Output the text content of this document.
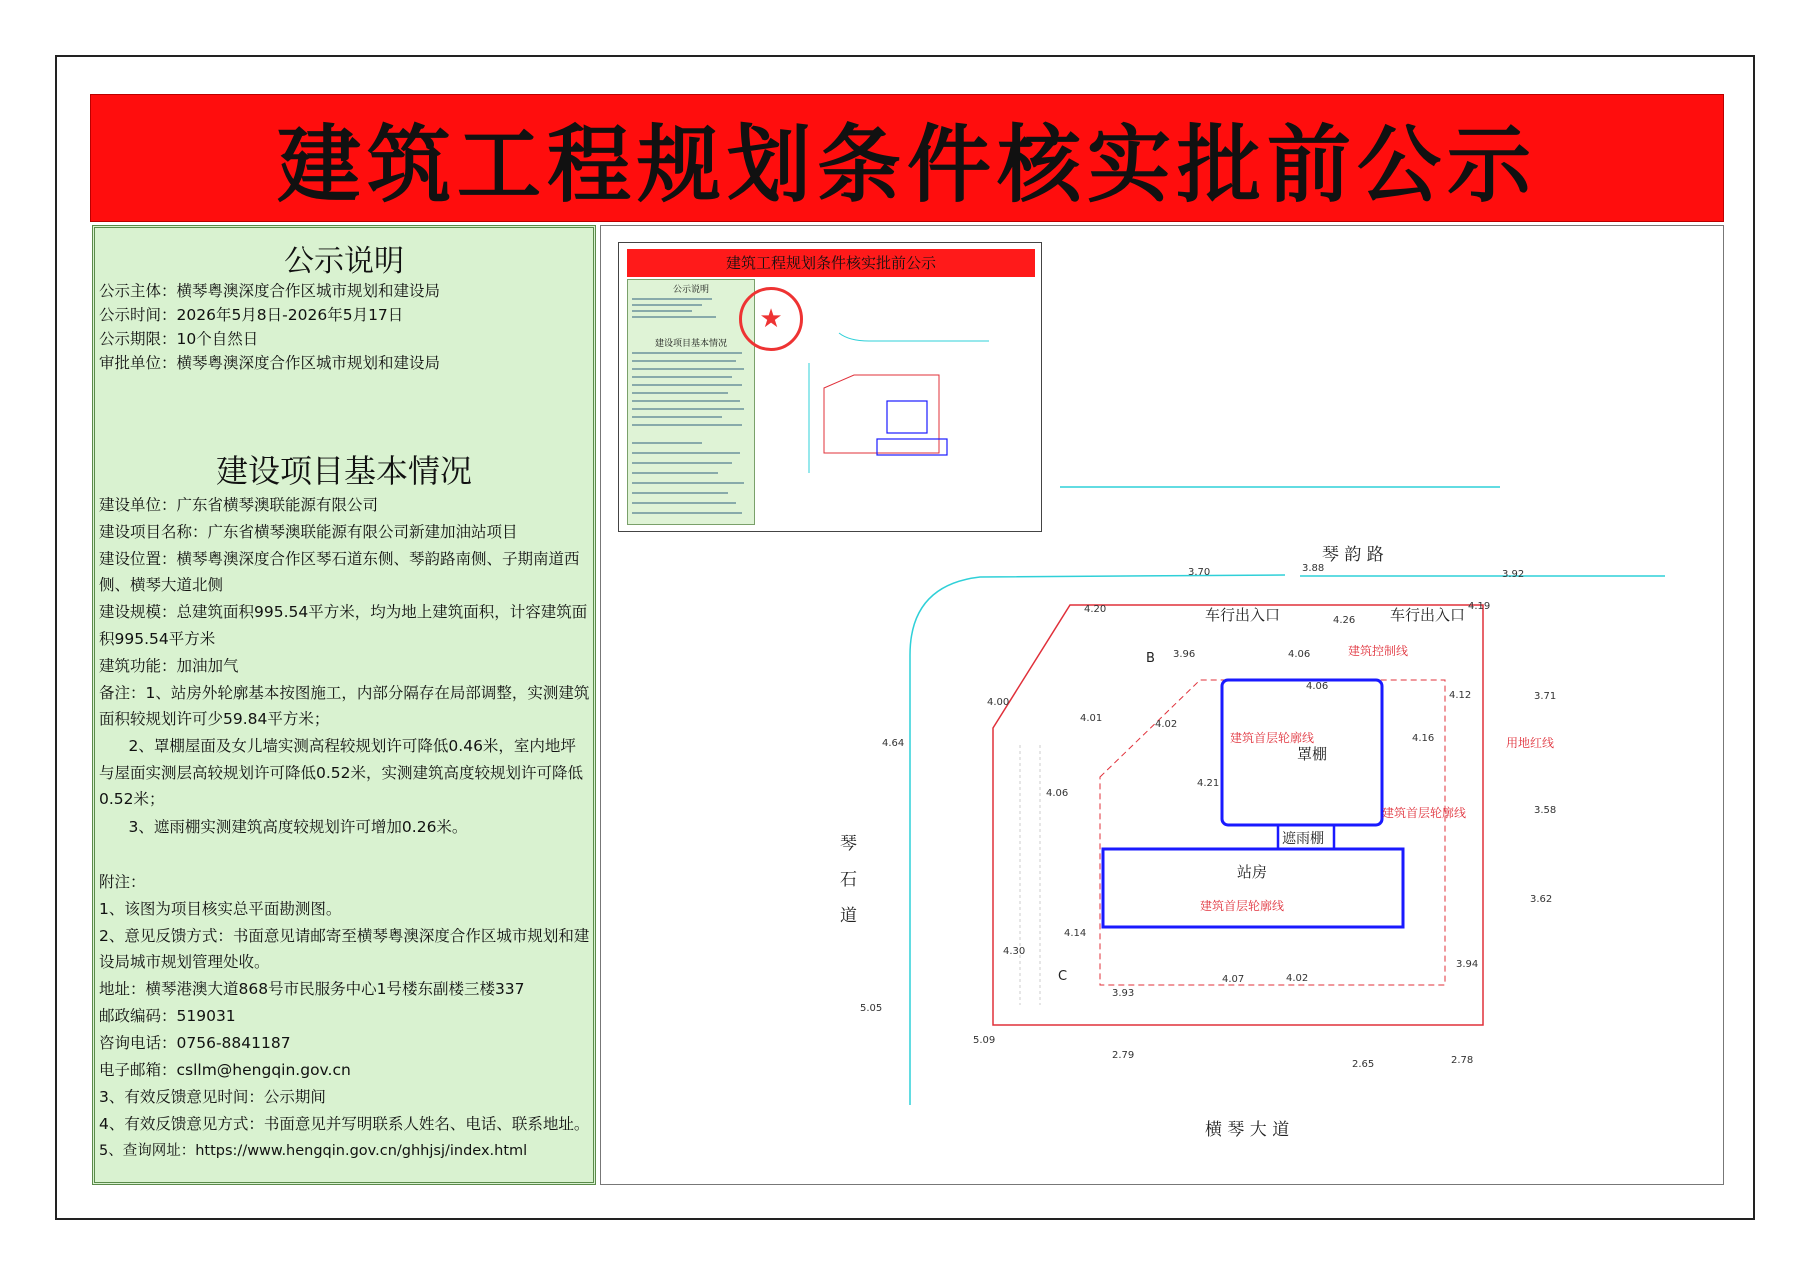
建筑工程规划条件核实批前公示
公示说明
公示主体：横琴粤澳深度合作区城市规划和建设局
公示时间：2026年5月8日-2026年5月17日
公示期限：10个自然日
审批单位：横琴粤澳深度合作区城市规划和建设局
建设项目基本情况
建设单位：广东省横琴澳联能源有限公司
建设项目名称：广东省横琴澳联能源有限公司新建加油站项目
建设位置：横琴粤澳深度合作区琴石道东侧、琴韵路南侧、子期南道西
侧、横琴大道北侧
建设规模：总建筑面积995.54平方米，均为地上建筑面积，计容建筑面
积995.54平方米
建筑功能：加油加气
备注：1、站房外轮廓基本按图施工，内部分隔存在局部调整，实测建筑
面积较规划许可少59.84平方米；
2、罩棚屋面及女儿墙实测高程较规划许可降低0.46米，室内地坪
与屋面实测层高较规划许可降低0.52米，实测建筑高度较规划许可降低
0.52米；
3、遮雨棚实测建筑高度较规划许可增加0.26米。
附注：
1、该图为项目核实总平面勘测图。
2、意见反馈方式：书面意见请邮寄至横琴粤澳深度合作区城市规划和建
设局城市规划管理处收。
地址：横琴港澳大道868号市民服务中心1号楼东副楼三楼337
邮政编码：519031
咨询电话：0756-8841187
电子邮箱：csllm@hengqin.gov.cn
3、有效反馈意见时间：公示期间
4、有效反馈意见方式：书面意见并写明联系人姓名、电话、联系地址。
5、查询网址：https://www.hengqin.gov.cn/ghhjsj/index.html
建筑工程规划条件核实批前公示
公示说明
建设项目基本情况
★
琴 韵 路
琴
石
道
横 琴 大 道
车行出入口	车行出入口
建筑控制线
用地红线
建筑首层轮廓线
罩棚
遮雨棚
建筑首层轮廓线
站房
建筑首层轮廓线
B
C
3.70	3.88
3.92
4.20
4.26
4.19
3.96	4.06
4.06
4.00
4.01
4.02
4.12	3.71
4.64	4.16
4.06
4.21
3.58
3.62
4.14
4.30
3.94
4.07	4.02
3.93
5.05
5.09
2.79
2.65	2.78
